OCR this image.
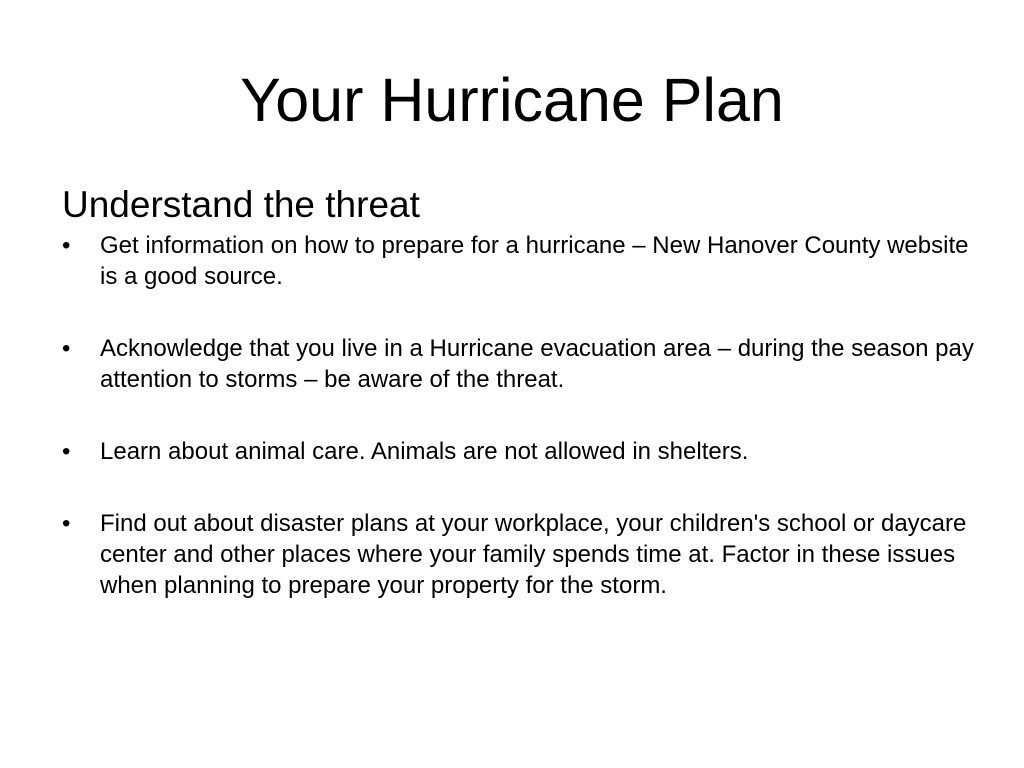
Your Hurricane Plan
Understand the threat
•	Get information on how to prepare for a hurricane – New Hanover County website is a good source.
•	Acknowledge that you live in a Hurricane evacuation area – during the season pay attention to storms – be aware of the threat.
•	Learn about animal care. Animals are not allowed in shelters.
•	Find out about disaster plans at your workplace, your children's school or daycare center and other places where your family spends time at. Factor in these issues when planning to prepare your property for the storm.
